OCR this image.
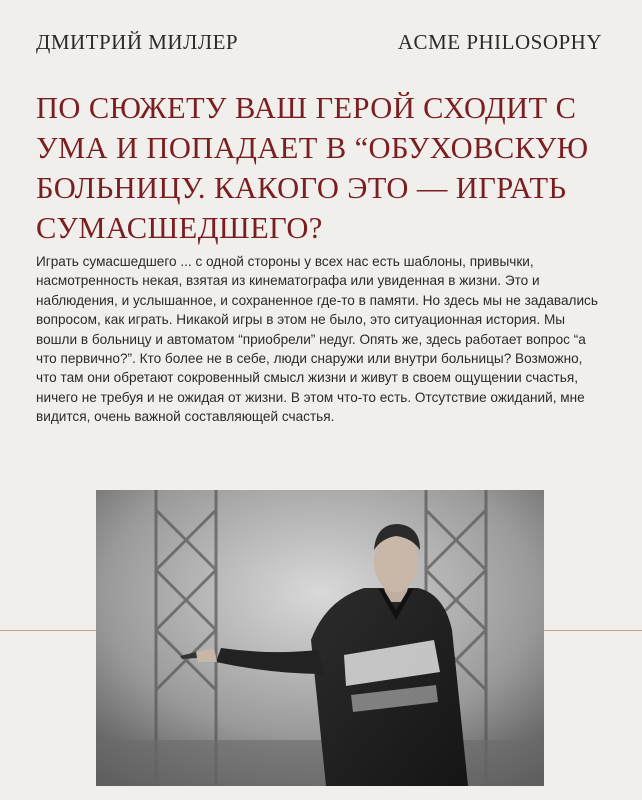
ДМИТРИЙ МИЛЛЕР	ACME PHILOSOPHY
ПО СЮЖЕТУ ВАШ ГЕРОЙ СХОДИТ С УМА И ПОПАДАЕТ В “ОБУХОВСКУЮ БОЛЬНИЦУ. КАКОГО ЭТО — ИГРАТЬ СУМАСШЕДШЕГО?

Играть сумасшедшего ... с одной стороны у всех нас есть шаблоны, привычки, насмотренность некая, взятая из кинематографа или увиденная в жизни. Это и наблюдения, и услышанное, и сохраненное где-то в памяти. Но здесь мы не задавались вопросом, как играть. Никакой игры в этом не было, это ситуационная история. Мы вошли в больницу и автоматом “приобрели” недуг. Опять же, здесь работает вопрос “а что первично?”. Кто более не в себе, люди снаружи или внутри больницы? Возможно, что там они обретают сокровенный смысл жизни и живут в своем ощущении счастья, ничего не требуя и не ожидая от жизни. В этом что-то есть. Отсутствие ожиданий, мне видится, очень важной составляющей счастья.
